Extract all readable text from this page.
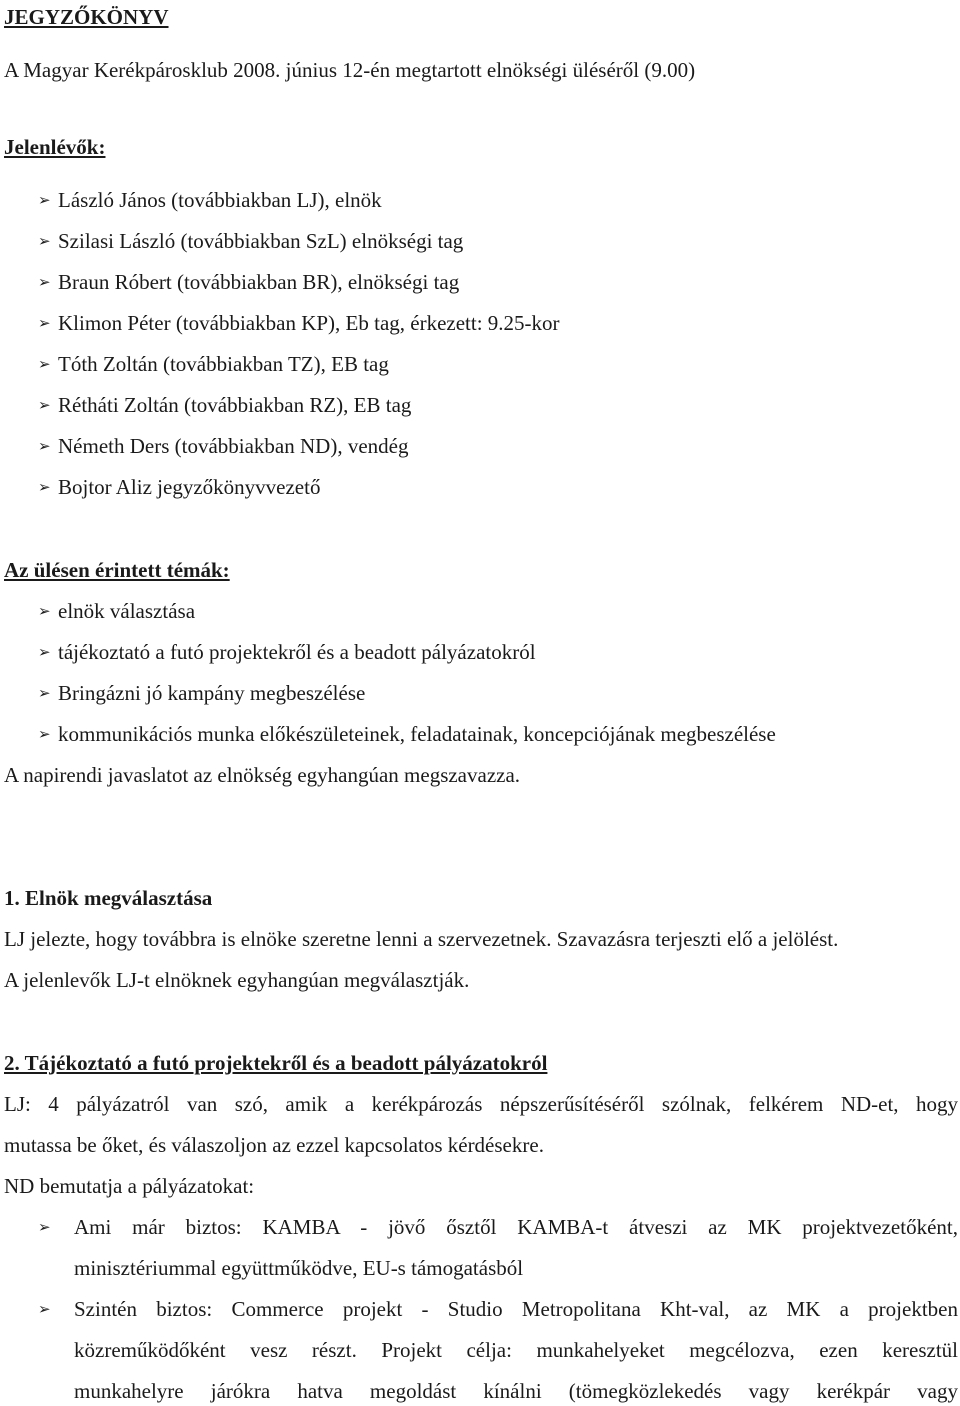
JEGYZŐKÖNYV
A Magyar Kerékpárosklub 2008. június 12-én megtartott elnökségi üléséről (9.00)
Jelenlévők:
➢ László János (továbbiakban LJ), elnök
➢ Szilasi László (továbbiakban SzL) elnökségi tag
➢ Braun Róbert (továbbiakban BR), elnökségi tag
➢ Klimon Péter (továbbiakban KP), Eb tag, érkezett: 9.25-kor
➢ Tóth Zoltán (továbbiakban TZ), EB tag
➢ Rétháti Zoltán (továbbiakban RZ), EB tag
➢ Németh Ders (továbbiakban ND), vendég
➢ Bojtor Aliz jegyzőkönyvvezető
Az ülésen érintett témák:
➢ elnök választása
➢ tájékoztató a futó projektekről és a beadott pályázatokról
➢ Bringázni jó kampány megbeszélése
➢ kommunikációs munka előkészületeinek, feladatainak, koncepciójának megbeszélése
A napirendi javaslatot az elnökség egyhangúan megszavazza.
1. Elnök megválasztása
LJ jelezte, hogy továbbra is elnöke szeretne lenni a szervezetnek. Szavazásra terjeszti elő a jelölést.
A jelenlevők LJ-t elnöknek egyhangúan megválasztják.
2. Tájékoztató a futó projektekről és a beadott pályázatokról
LJ: 4 pályázatról van szó, amik a kerékpározás népszerűsítéséről szólnak, felkérem ND-et, hogy
mutassa be őket, és válaszoljon az ezzel kapcsolatos kérdésekre.
ND bemutatja a pályázatokat:
➢	Ami már biztos: KAMBA - jövő ősztől KAMBA-t átveszi az MK projektvezetőként,
minisztériummal együttműködve, EU-s támogatásból
➢	Szintén biztos: Commerce projekt - Studio Metropolitana Kht-val, az MK a projektben
közreműködőként vesz részt. Projekt célja: munkahelyeket megcélozva, ezen keresztül
munkahelyre járókra hatva megoldást kínálni (tömegközlekedés vagy kerékpár vagy
